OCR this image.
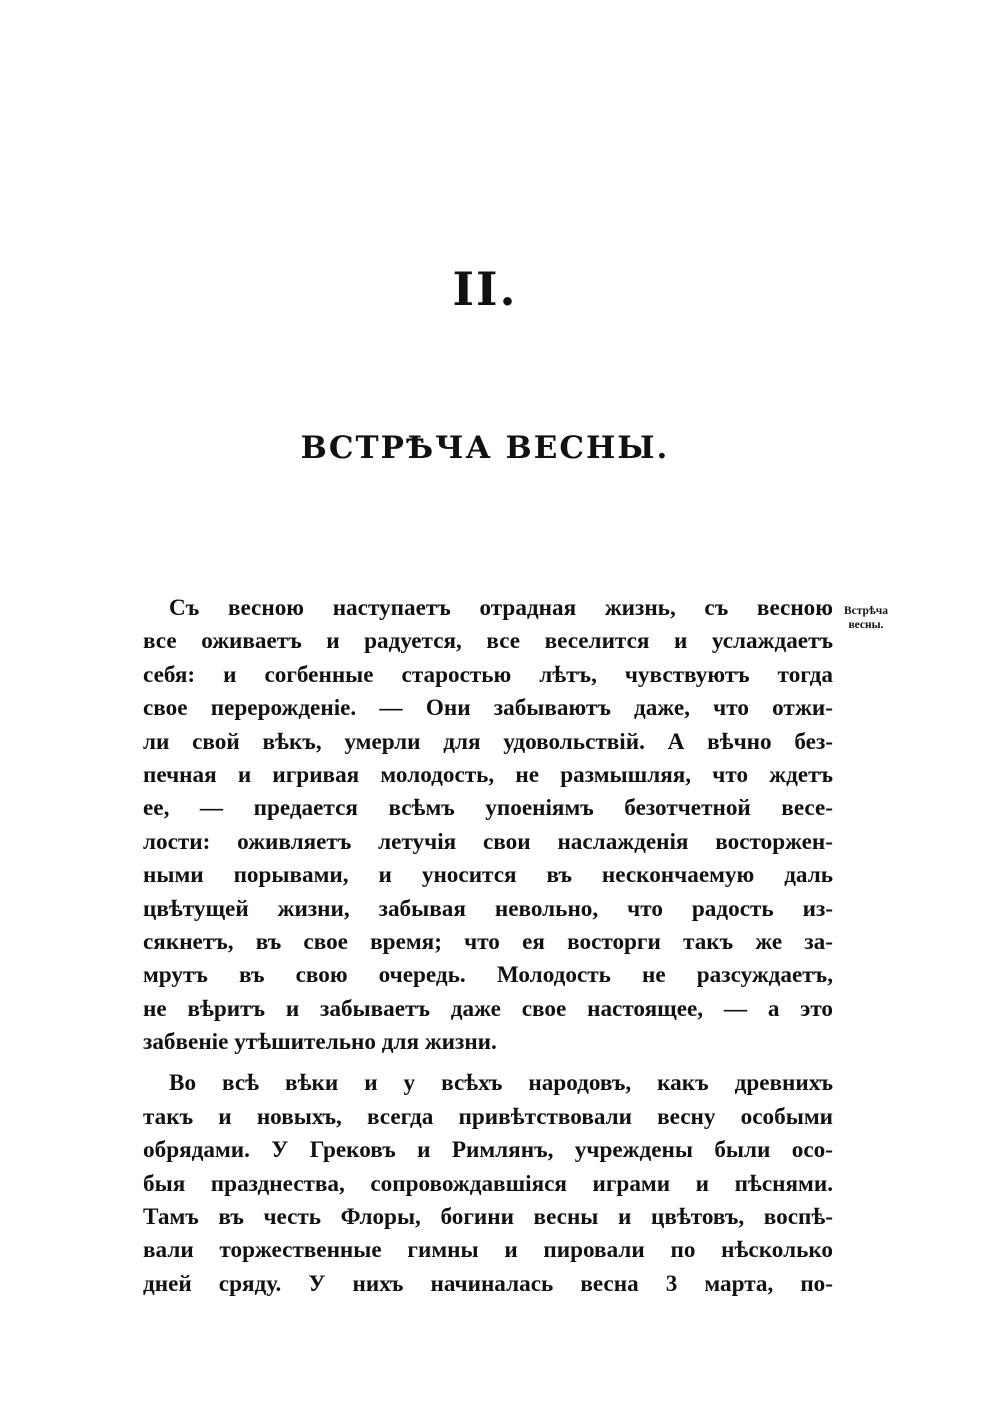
II.
ВСТРѢЧА ВЕСНЫ.
Встрѣча
весны.
Съ весною наступаетъ отрадная жизнь, съ весною
все оживаетъ и радуется, все веселится и услаждаетъ
себя: и согбенные старостью лѣтъ, чувствуютъ тогда
свое перерожденіе. — Они забываютъ даже, что отжи-
ли свой вѣкъ, умерли для удовольствій. А вѣчно без-
печная и игривая молодость, не размышляя, что ждетъ
ее, — предается всѣмъ упоеніямъ безотчетной весе-
лости: оживляетъ летучія свои наслажденія восторжен-
ными порывами, и уносится въ нескончаемую даль
цвѣтущей жизни, забывая невольно, что радость из-
сякнетъ, въ свое время; что ея восторги такъ же за-
мрутъ въ свою очередь. Молодость не разсуждаетъ,
не вѣритъ и забываетъ даже свое настоящее, — а это
забвеніе утѣшительно для жизни.
Во всѣ вѣки и у всѣхъ народовъ, какъ древнихъ
такъ и новыхъ, всегда привѣтствовали весну особыми
обрядами. У Грековъ и Римлянъ, учреждены были осо-
быя празднества, сопровождавшіяся играми и пѣснями.
Тамъ въ честь Флоры, богини весны и цвѣтовъ, воспѣ-
вали торжественные гимны и пировали по нѣсколько
дней сряду. У нихъ начиналась весна 3 марта, по-
